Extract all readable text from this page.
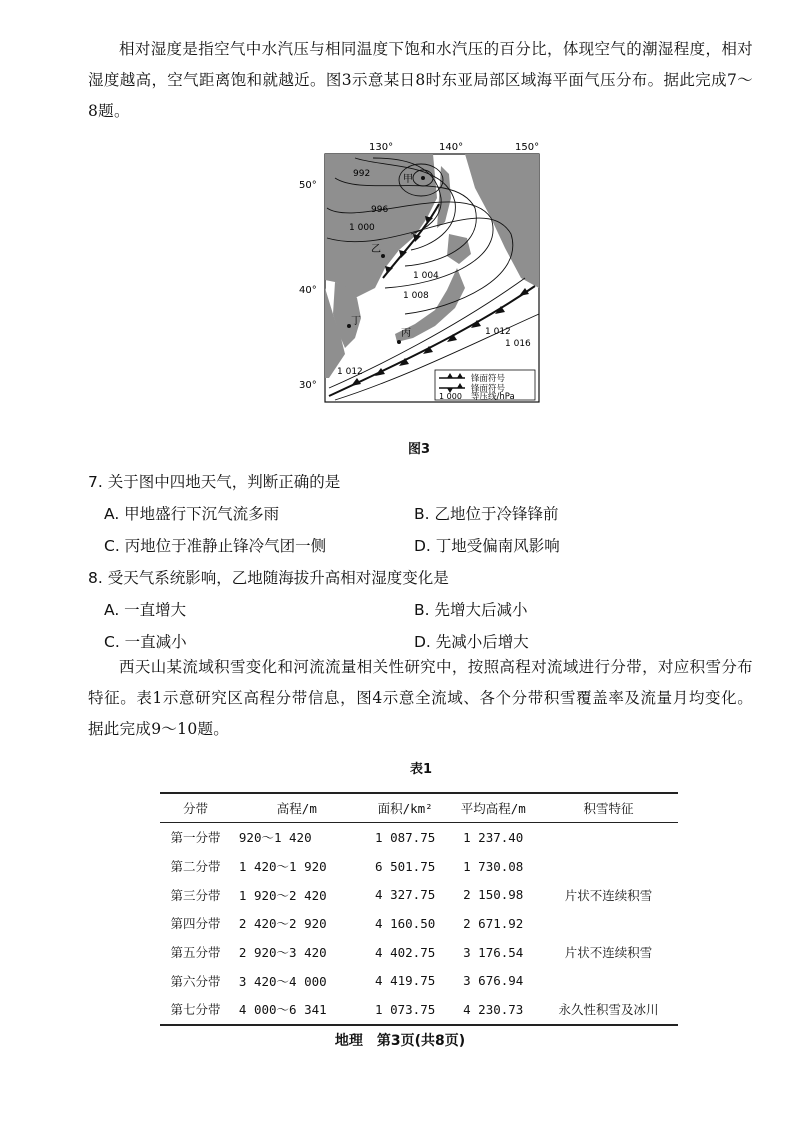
相对湿度是指空气中水汽压与相同温度下饱和水汽压的百分比，体现空气的潮湿程度，相对湿度越高，空气距离饱和就越近。图3示意某日8时东亚局部区域海平面气压分布。据此完成7～8题。
130°	140°	150°
50°
40°
30°
992
996
1 000
1 004
1 008
1 012
1 012
1 016
甲
乙
丙
丁
锋面符号
锋面符号
1 000 等压线/hPa
图3
7. 关于图中四地天气，判断正确的是
A. 甲地盛行下沉气流多雨	B. 乙地位于冷锋锋前
C. 丙地位于准静止锋冷气团一侧	D. 丁地受偏南风影响
8. 受天气系统影响，乙地随海拔升高相对湿度变化是
A. 一直增大	B. 先增大后减小
C. 一直减小	D. 先减小后增大
西天山某流域积雪变化和河流流量相关性研究中，按照高程对流域进行分带，对应积雪分布特征。表1示意研究区高程分带信息，图4示意全流域、各个分带积雪覆盖率及流量月均变化。据此完成9～10题。
表1
分带	高程/m	面积/km²	平均高程/m	积雪特征
第一分带	920～1 420	1 087.75	1 237.40	
第二分带	1 420～1 920	6 501.75	1 730.08	
第三分带	1 920～2 420	4 327.75	2 150.98	片状不连续积雪
第四分带	2 420～2 920	4 160.50	2 671.92	
第五分带	2 920～3 420	4 402.75	3 176.54	片状不连续积雪
第六分带	3 420～4 000	4 419.75	3 676.94	
第七分带	4 000～6 341	1 073.75	4 230.73	永久性积雪及冰川
地理　第3页(共8页)
